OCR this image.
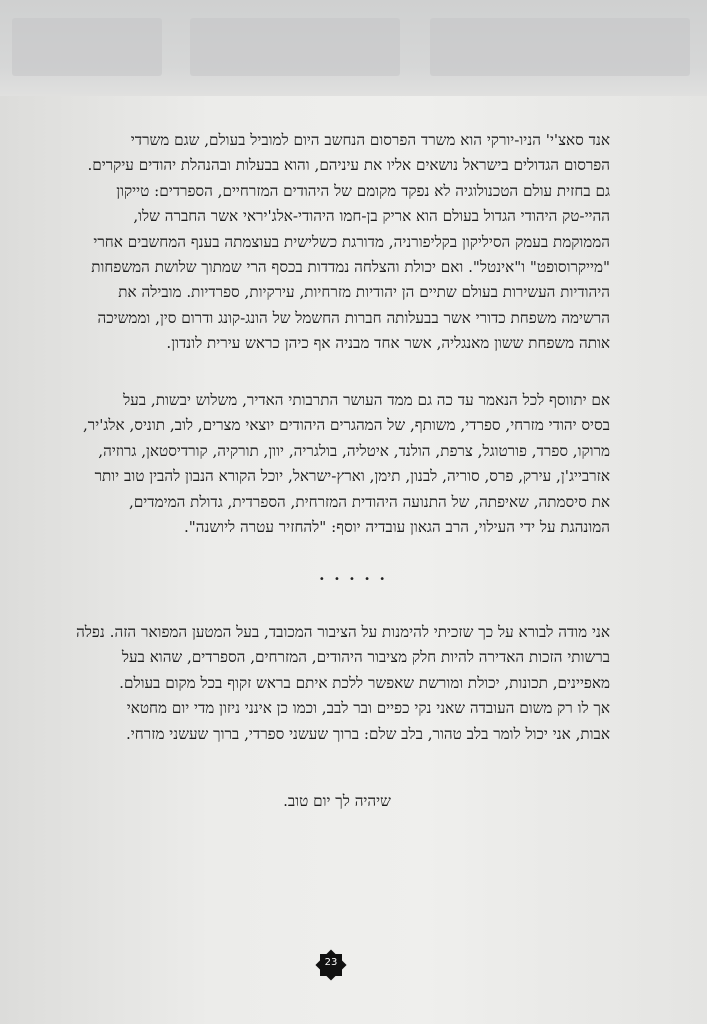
אנד סאצ'י' הניו-יורקי הוא משרד הפרסום הנחשב היום למוביל בעולם, שגם משרדי

הפרסום הגדולים בישראל נושאים אליו את עיניהם, והוא בבעלות ובהנהלת יהודים עיקרים.

גם בחזית עולם הטכנולוגיה לא נפקד מקומם של היהודים המזרחיים, הספרדים: טייקון

ההיי-טק היהודי הגדול בעולם הוא אריק בן-חמו היהודי-אלג'יראי אשר החברה שלו,

הממוקמת בעמק הסיליקון בקליפורניה, מדורגת כשלישית בעוצמתה בענף המחשבים אחרי

"מייקרוסופט" ו"אינטל". ואם יכולת והצלחה נמדדות בכסף הרי שמתוך שלושת המשפחות

היהודיות העשירות בעולם שתיים הן יהודיות מזרחיות, עירקיות, ספרדיות. מובילה את

הרשימה משפחת כדורי אשר בבעלותה חברות החשמל של הונג-קונג ודרום סין, וממשיכה

אותה משפחת ששון מאנגליה, אשר אחד מבניה אף כיהן כראש עירית לונדון.

אם יתווסף לכל הנאמר עד כה גם ממד העושר התרבותי האדיר, משלוש יבשות, בעל

בסיס יהודי מזרחי, ספרדי, משותף, של המהגרים היהודים יוצאי מצרים, לוב, תוניס, אלג'יר,

מרוקו, ספרד, פורטוגל, צרפת, הולנד, איטליה, בולגריה, יוון, תורקיה, קורדיסטאן, גרוזיה,

אזרבייג'ן, עירק, פרס, סוריה, לבנון, תימן, וארץ-ישראל, יוכל הקורא הנבון להבין טוב יותר

את סיסמתה, שאיפתה, של התנועה היהודית המזרחית, הספרדית, גדולת המימדים,

המונהגת על ידי העילוי, הרב הגאון עובדיה יוסף: "להחזיר עטרה ליושנה".

• • • • •

אני מודה לבורא על כך שזכיתי להימנות על הציבור המכובד, בעל המטען המפואר הזה. נפלה

ברשותי הזכות האדירה להיות חלק מציבור היהודים, המזרחים, הספרדים, שהוא בעל

מאפיינים, תכונות, יכולת ומורשת שאפשר ללכת איתם בראש זקוף בכל מקום בעולם.

אך לו רק משום העובדה שאני נקי כפיים ובר לבב, וכמו כן אינני ניזון מדי יום מחטאי

אבות, אני יכול לומר בלב טהור, בלב שלם: ברוך שעשני ספרדי, ברוך שעשני מזרחי.

שיהיה לך יום טוב.
23
